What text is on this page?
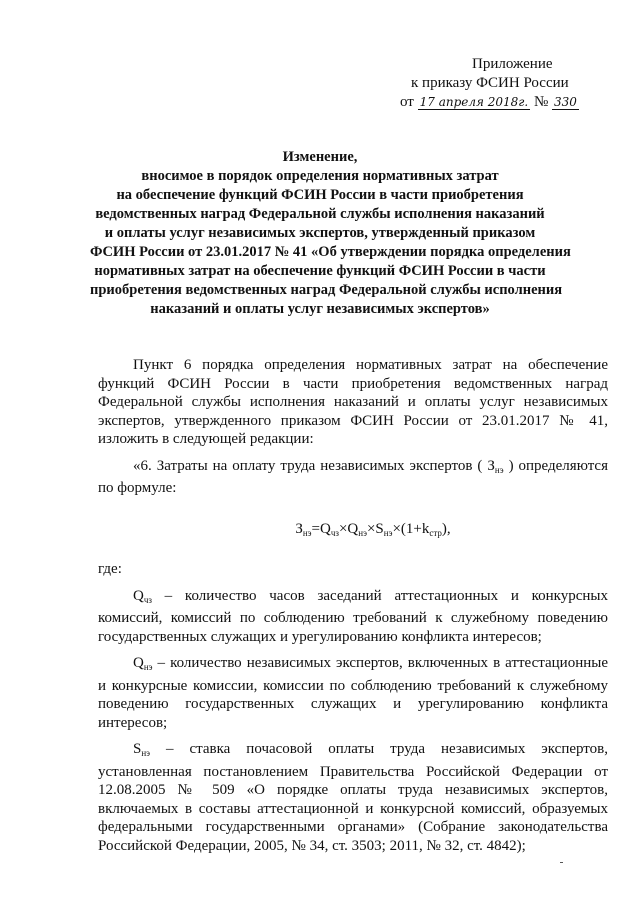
Приложение
к приказу ФСИН России
от 17 апреля 2018г. № 330

Изменение,

вносимое в порядок определения нормативных затрат

на обеспечение функций ФСИН России в части приобретения

ведомственных наград Федеральной службы исполнения наказаний

и оплаты услуг независимых экспертов, утвержденный приказом

ФСИН России от 23.01.2017 № 41 «Об утверждении порядка определения

нормативных затрат на обеспечение функций ФСИН России в части

приобретения ведомственных наград Федеральной службы исполнения

наказаний и оплаты услуг независимых экспертов»

Пункт 6 порядка определения нормативных затрат на обеспечение функций ФСИН России в части приобретения ведомственных наград Федеральной службы исполнения наказаний и оплаты услуг независимых экспертов, утвержденного приказом ФСИН России от 23.01.2017 № 41, изложить в следующей редакции:

«6. Затраты на оплату труда независимых экспертов ( $З_{нэ}$ ) определяются по формуле:

$З_{нэ}=Q_{чз}\times Q_{нэ}\times S_{нэ}\times(1+k_{стр})$,

где:

$Q_{чз}$ – количество часов заседаний аттестационных и конкурсных комиссий, комиссий по соблюдению требований к служебному поведению государственных служащих и урегулированию конфликта интересов;

$Q_{нэ}$ – количество независимых экспертов, включенных в аттестационные и конкурсные комиссии, комиссии по соблюдению требований к служебному поведению государственных служащих и урегулированию конфликта интересов;

$S_{нэ}$ – ставка почасовой оплаты труда независимых экспертов, установленная постановлением Правительства Российской Федерации от 12.08.2005 № 509 «О порядке оплаты труда независимых экспертов, включаемых в составы аттестационной и конкурсной комиссий, образуемых федеральными государственными органами» (Собрание законодательства Российской Федерации, 2005, № 34, ст. 3503; 2011, № 32, ст. 4842);
